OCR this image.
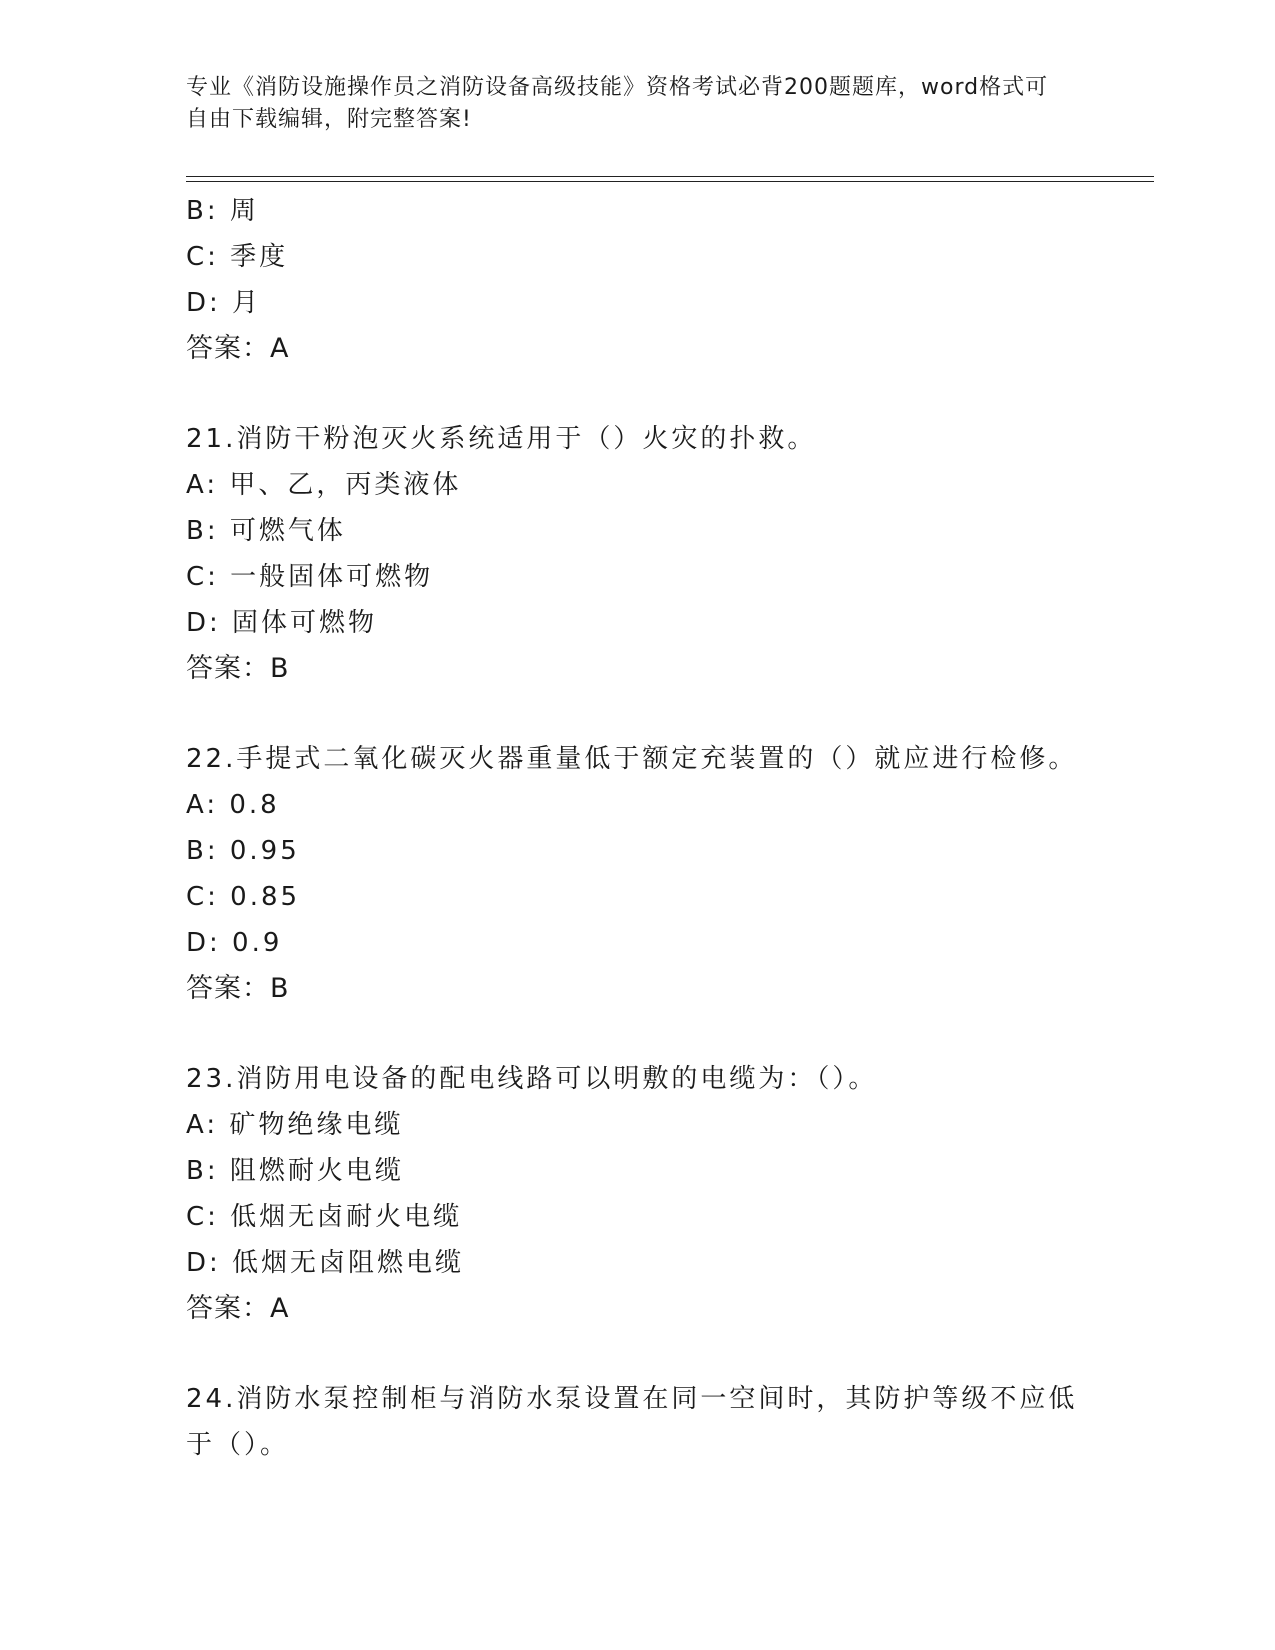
专业《消防设施操作员之消防设备高级技能》资格考试必背200题题库，word格式可自由下载编辑，附完整答案!

B: 周
C: 季度
D: 月
答案：A
21.消防干粉泡灭火系统适用于（）火灾的扑救。
A: 甲、乙，丙类液体
B: 可燃气体
C: 一般固体可燃物
D: 固体可燃物
答案：B
22.手提式二氧化碳灭火器重量低于额定充装置的（）就应进行检修。
A: 0.8
B: 0.95
C: 0.85
D: 0.9
答案：B
23.消防用电设备的配电线路可以明敷的电缆为：（）。
A: 矿物绝缘电缆
B: 阻燃耐火电缆
C: 低烟无卤耐火电缆
D: 低烟无卤阻燃电缆
答案：A
24.消防水泵控制柜与消防水泵设置在同一空间时，其防护等级不应低于（）。
